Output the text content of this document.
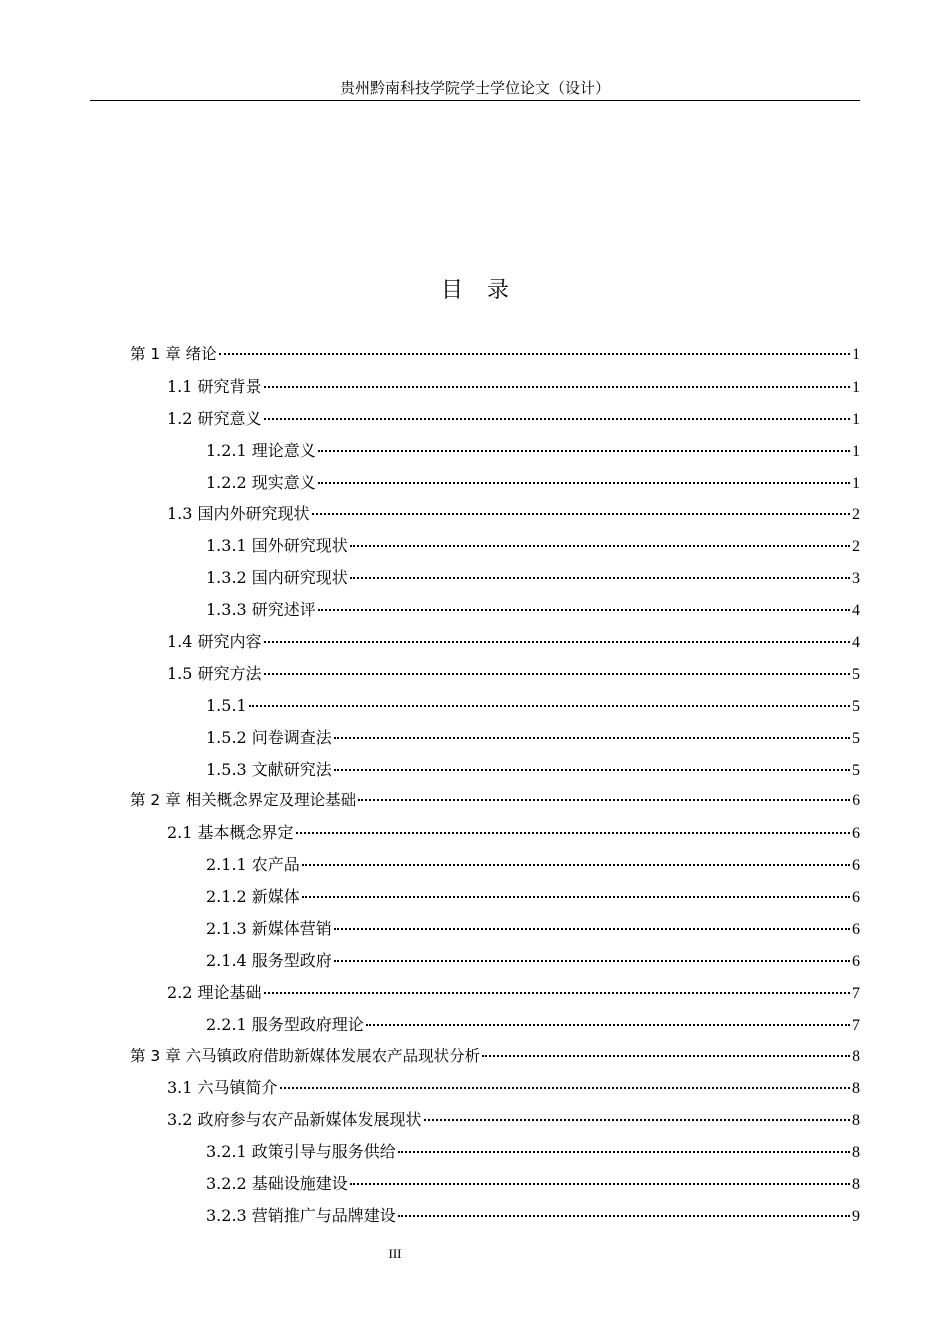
贵州黔南科技学院学士学位论文（设计）
目录
第 1 章 绪论	1
1.1 研究背景	1
1.2 研究意义	1
1.2.1 理论意义	1
1.2.2 现实意义	1
1.3 国内外研究现状	2
1.3.1 国外研究现状	2
1.3.2 国内研究现状	3
1.3.3 研究述评	4
1.4 研究内容	4
1.5 研究方法	5
1.5.1	5
1.5.2 问卷调查法	5
1.5.3 文献研究法	5
第 2 章 相关概念界定及理论基础	6
2.1 基本概念界定	6
2.1.1 农产品	6
2.1.2 新媒体	6
2.1.3 新媒体营销	6
2.1.4 服务型政府	6
2.2 理论基础	7
2.2.1 服务型政府理论	7
第 3 章 六马镇政府借助新媒体发展农产品现状分析	8
3.1 六马镇简介	8
3.2 政府参与农产品新媒体发展现状	8
3.2.1 政策引导与服务供给	8
3.2.2 基础设施建设	8
3.2.3 营销推广与品牌建设	9
III
